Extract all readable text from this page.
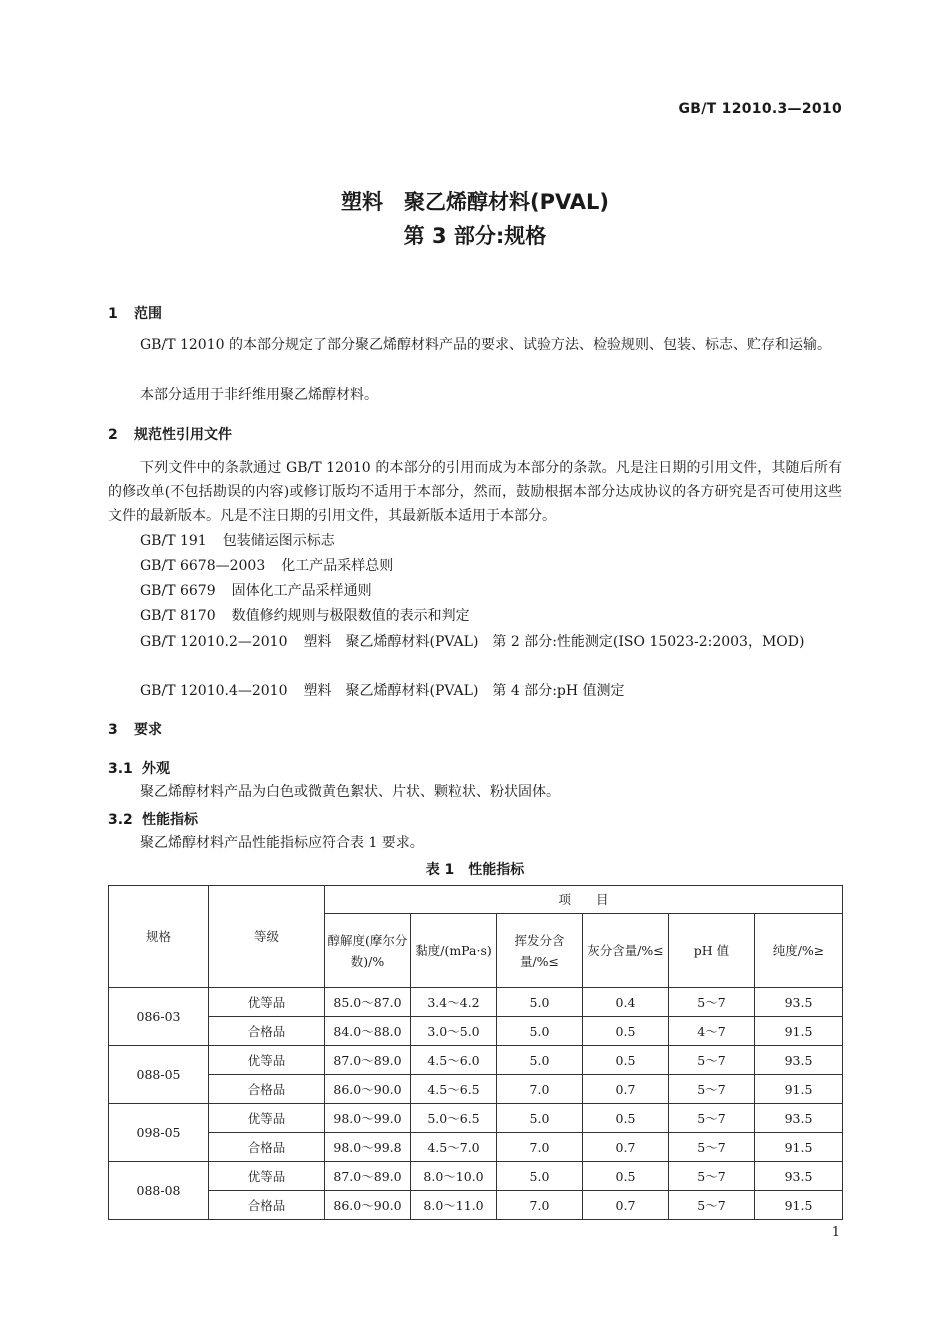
GB/T 12010.3—2010
塑料　聚乙烯醇材料(PVAL)
第 3 部分:规格
1 范围
GB/T 12010 的本部分规定了部分聚乙烯醇材料产品的要求、试验方法、检验规则、包装、标志、贮存和运输。
本部分适用于非纤维用聚乙烯醇材料。
2 规范性引用文件
下列文件中的条款通过 GB/T 12010 的本部分的引用而成为本部分的条款。凡是注日期的引用文件，其随后所有的修改单(不包括勘误的内容)或修订版均不适用于本部分，然而，鼓励根据本部分达成协议的各方研究是否可使用这些文件的最新版本。凡是不注日期的引用文件，其最新版本适用于本部分。
GB/T 191 包装储运图示标志
GB/T 6678—2003 化工产品采样总则
GB/T 6679 固体化工产品采样通则
GB/T 8170 数值修约规则与极限数值的表示和判定
GB/T 12010.2—2010 塑料　聚乙烯醇材料(PVAL)　第 2 部分:性能测定(ISO 15023-2:2003，MOD)
GB/T 12010.4—2010 塑料　聚乙烯醇材料(PVAL)　第 4 部分:pH 值测定
3 要求
3.1 外观
聚乙烯醇材料产品为白色或微黄色絮状、片状、颗粒状、粉状固体。
3.2 性能指标
聚乙烯醇材料产品性能指标应符合表 1 要求。
表 1　性能指标
规格	等级	项　　目					
		醇解度(摩尔分数)/%	黏度/(mPa·s)	挥发分含量/%≤	灰分含量/%≤	pH 值	纯度/%≥
086-03	优等品	85.0～87.0	3.4～4.2	5.0	0.4	5～7	93.5
	合格品	84.0～88.0	3.0～5.0	5.0	0.5	4～7	91.5
088-05	优等品	87.0～89.0	4.5～6.0	5.0	0.5	5～7	93.5
	合格品	86.0～90.0	4.5～6.5	7.0	0.7	5～7	91.5
098-05	优等品	98.0～99.0	5.0～6.5	5.0	0.5	5～7	93.5
	合格品	98.0～99.8	4.5～7.0	7.0	0.7	5～7	91.5
088-08	优等品	87.0～89.0	8.0～10.0	5.0	0.5	5～7	93.5
	合格品	86.0～90.0	8.0～11.0	7.0	0.7	5～7	91.5
1
